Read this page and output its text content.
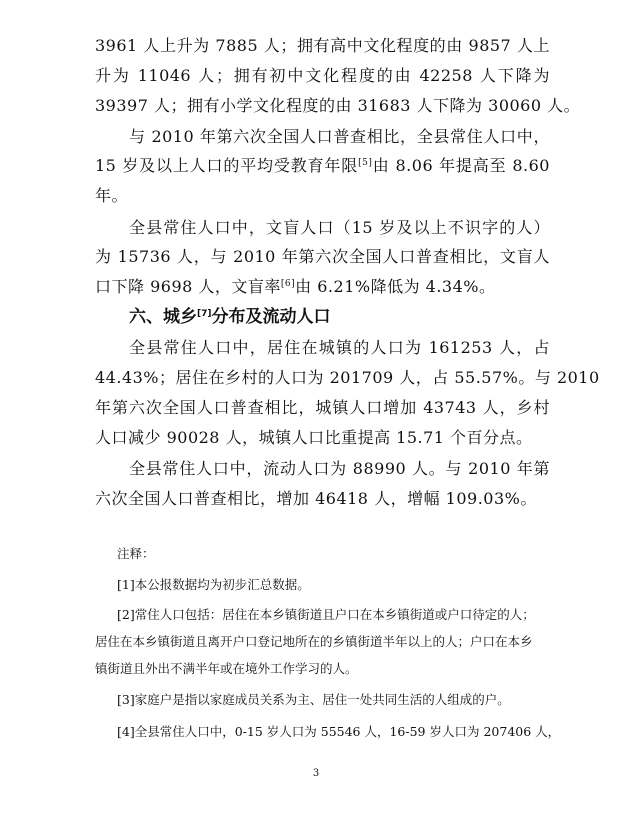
3961 人上升为 7885 人；拥有高中文化程度的由 9857 人上
升为 11046 人；拥有初中文化程度的由 42258 人下降为
39397 人；拥有小学文化程度的由 31683 人下降为 30060 人。
与 2010 年第六次全国人口普查相比，全县常住人口中，
15 岁及以上人口的平均受教育年限[5]由 8.06 年提高至 8.60
年。
全县常住人口中，文盲人口（15 岁及以上不识字的人）
为 15736 人，与 2010 年第六次全国人口普查相比，文盲人
口下降 9698 人，文盲率[6]由 6.21%降低为 4.34%。
六、城乡[7]分布及流动人口
全县常住人口中，居住在城镇的人口为 161253 人，占
44.43%；居住在乡村的人口为 201709 人，占 55.57%。与 2010
年第六次全国人口普查相比，城镇人口增加 43743 人，乡村
人口减少 90028 人，城镇人口比重提高 15.71 个百分点。
全县常住人口中，流动人口为 88990 人。与 2010 年第
六次全国人口普查相比，增加 46418 人，增幅 109.03%。
注释：
[1]本公报数据均为初步汇总数据。
[2]常住人口包括：居住在本乡镇街道且户口在本乡镇街道或户口待定的人；
居住在本乡镇街道且离开户口登记地所在的乡镇街道半年以上的人；户口在本乡
镇街道且外出不满半年或在境外工作学习的人。
[3]家庭户是指以家庭成员关系为主、居住一处共同生活的人组成的户。
[4]全县常住人口中，0-15 岁人口为 55546 人，16-59 岁人口为 207406 人，
3
